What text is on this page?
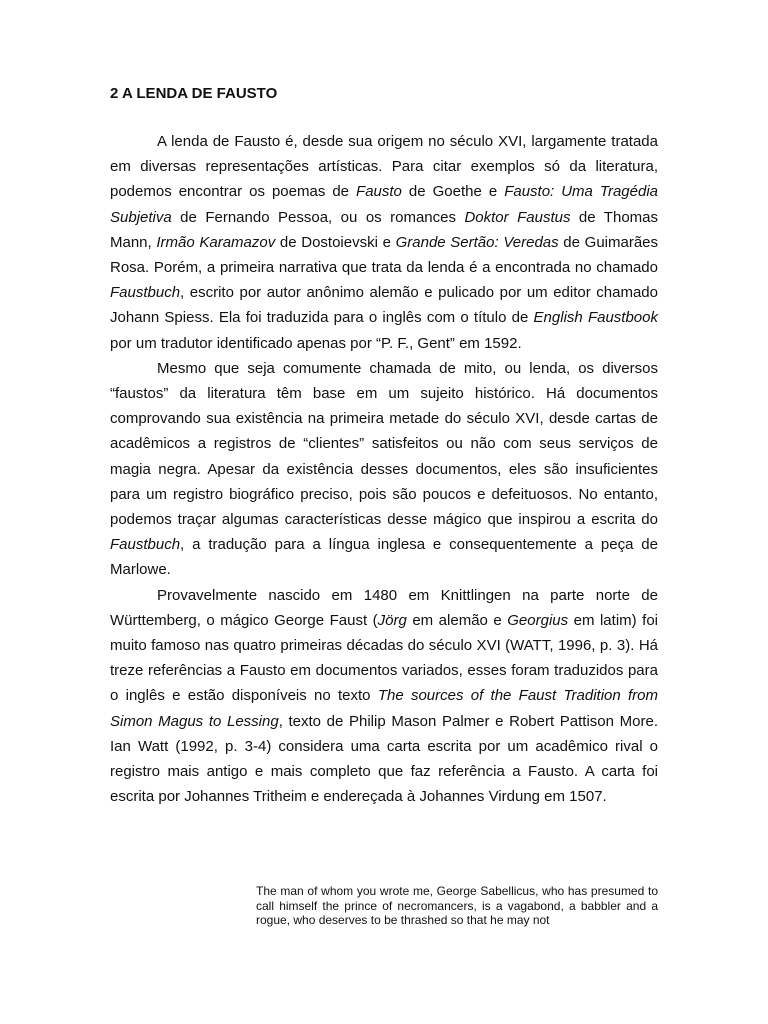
2 A LENDA DE FAUSTO

A lenda de Fausto é, desde sua origem no século XVI, largamente tratada em diversas representações artísticas. Para citar exemplos só da literatura, podemos encontrar os poemas de Fausto de Goethe e Fausto: Uma Tragédia Subjetiva de Fernando Pessoa, ou os romances Doktor Faustus de Thomas Mann, Irmão Karamazov de Dostoievski e Grande Sertão: Veredas de Guimarães Rosa. Porém, a primeira narrativa que trata da lenda é a encontrada no chamado Faustbuch, escrito por autor anônimo alemão e pulicado por um editor chamado Johann Spiess. Ela foi traduzida para o inglês com o título de English Faustbook por um tradutor identificado apenas por “P. F., Gent” em 1592.

Mesmo que seja comumente chamada de mito, ou lenda, os diversos “faustos” da literatura têm base em um sujeito histórico. Há documentos comprovando sua existência na primeira metade do século XVI, desde cartas de acadêmicos a registros de “clientes” satisfeitos ou não com seus serviços de magia negra. Apesar da existência desses documentos, eles são insuficientes para um registro biográfico preciso, pois são poucos e defeituosos. No entanto, podemos traçar algumas características desse mágico que inspirou a escrita do Faustbuch, a tradução para a língua inglesa e consequentemente a peça de Marlowe.

Provavelmente nascido em 1480 em Knittlingen na parte norte de Württemberg, o mágico George Faust (Jörg em alemão e Georgius em latim) foi muito famoso nas quatro primeiras décadas do século XVI (WATT, 1996, p. 3). Há treze referências a Fausto em documentos variados, esses foram traduzidos para o inglês e estão disponíveis no texto The sources of the Faust Tradition from Simon Magus to Lessing, texto de Philip Mason Palmer e Robert Pattison More. Ian Watt (1992, p. 3-4) considera uma carta escrita por um acadêmico rival o registro mais antigo e mais completo que faz referência a Fausto. A carta foi escrita por Johannes Tritheim e endereçada à Johannes Virdung em 1507.

The man of whom you wrote me, George Sabellicus, who has presumed to call himself the prince of necromancers, is a vagabond, a babbler and a rogue, who deserves to be thrashed so that he may not
